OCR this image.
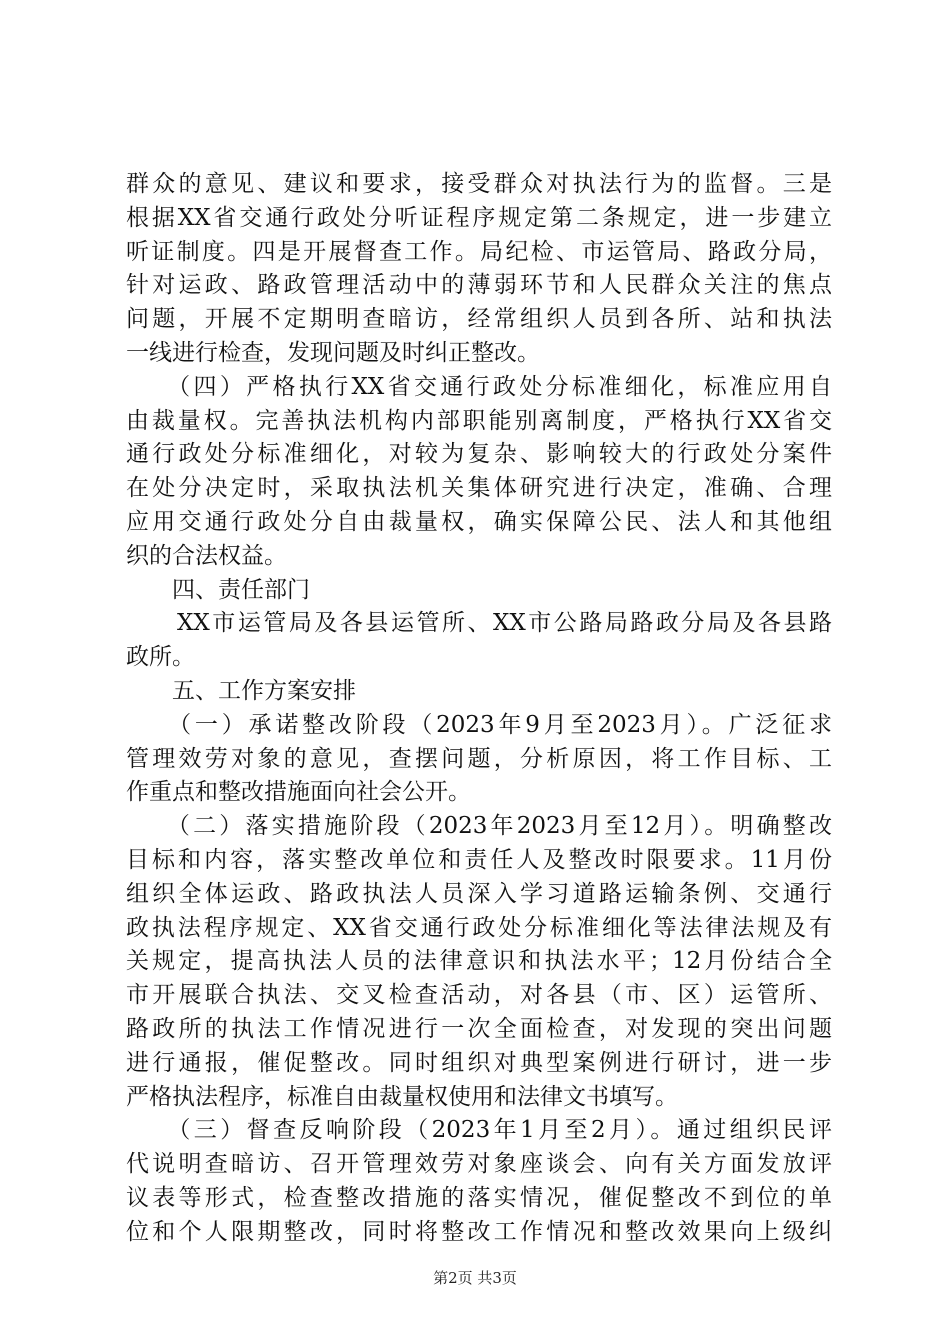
群众的意见、建议和要求，接受群众对执法行为的监督。三是
根据XX省交通行政处分听证程序规定第二条规定，进一步建立
听证制度。四是开展督查工作。局纪检、市运管局、路政分局，
针对运政、路政管理活动中的薄弱环节和人民群众关注的焦点
问题，开展不定期明查暗访，经常组织人员到各所、站和执法
一线进行检查，发现问题及时纠正整改。
　　（四）严格执行XX省交通行政处分标准细化，标准应用自
由裁量权。完善执法机构内部职能别离制度，严格执行XX省交
通行政处分标准细化，对较为复杂、影响较大的行政处分案件
在处分决定时，采取执法机关集体研究进行决定，准确、合理
应用交通行政处分自由裁量权，确实保障公民、法人和其他组
织的合法权益。
　　四、责任部门
　　XX市运管局及各县运管所、XX市公路局路政分局及各县路
政所。
　　五、工作方案安排
　　（一）承诺整改阶段（2023年9月至2023月）。广泛征求
管理效劳对象的意见，查摆问题，分析原因，将工作目标、工
作重点和整改措施面向社会公开。
　　（二）落实措施阶段（2023年2023月至12月）。明确整改
目标和内容，落实整改单位和责任人及整改时限要求。11月份
组织全体运政、路政执法人员深入学习道路运输条例、交通行
政执法程序规定、XX省交通行政处分标准细化等法律法规及有
关规定，提高执法人员的法律意识和执法水平；12月份结合全
市开展联合执法、交叉检查活动，对各县（市、区）运管所、
路政所的执法工作情况进行一次全面检查，对发现的突出问题
进行通报，催促整改。同时组织对典型案例进行研讨，进一步
严格执法程序，标准自由裁量权使用和法律文书填写。
　　（三）督查反响阶段（2023年1月至2月）。通过组织民评
代说明查暗访、召开管理效劳对象座谈会、向有关方面发放评
议表等形式，检查整改措施的落实情况，催促整改不到位的单
位和个人限期整改，同时将整改工作情况和整改效果向上级纠
第2页 共3页
